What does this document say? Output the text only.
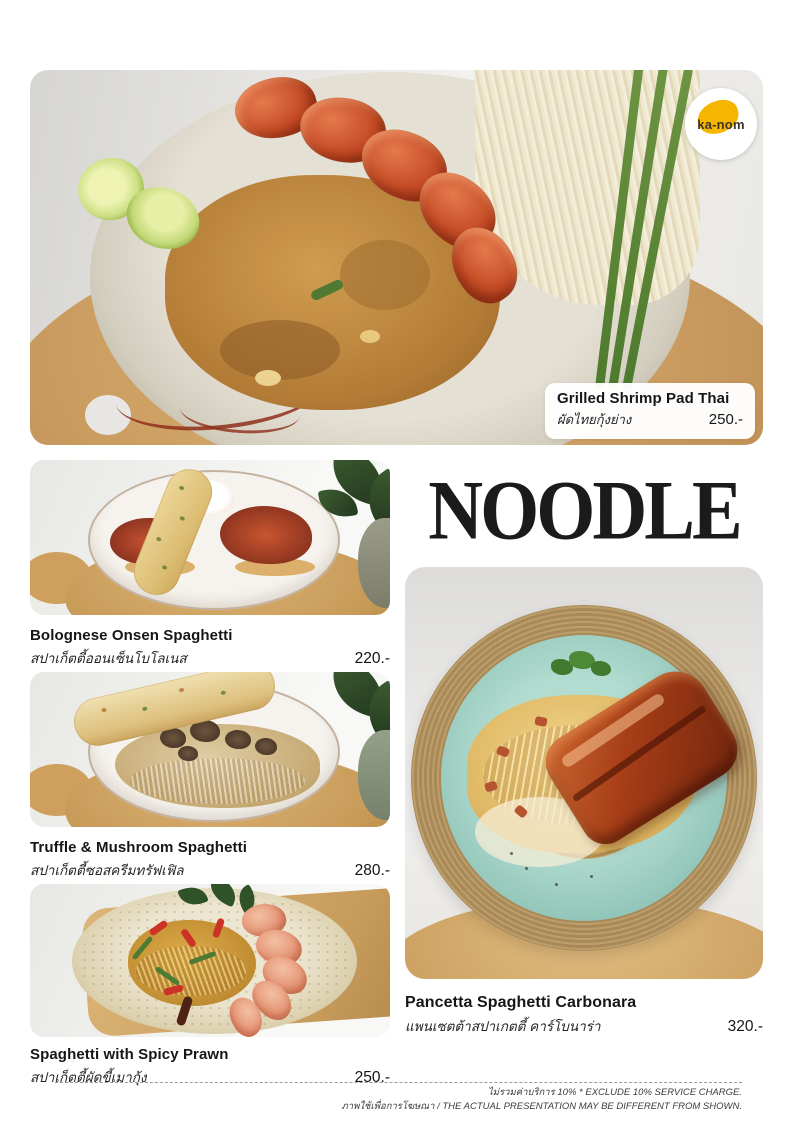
Grilled Shrimp Pad Thai
ผัดไทยกุ้งย่าง	250.-
ka-nom
Bolognese Onsen Spaghetti
สปาเก็ตตี้ออนเซ็นโบโลเนส	220.-
Truffle & Mushroom Spaghetti
สปาเก็ตตี้ซอสครีมทรัฟเฟิล	280.-
Spaghetti with Spicy Prawn
สปาเก็ตตี้ผัดขี้เมากุ้ง	250.-
NOODLE
Pancetta Spaghetti Carbonara
แพนเซตต้าสปาเกตตี้ คาร์โบนาร่า	320.-
ไม่รวมค่าบริการ 10% * EXCLUDE 10% SERVICE CHARGE.
ภาพใช้เพื่อการโฆษณา / THE ACTUAL PRESENTATION MAY BE DIFFERENT FROM SHOWN.
